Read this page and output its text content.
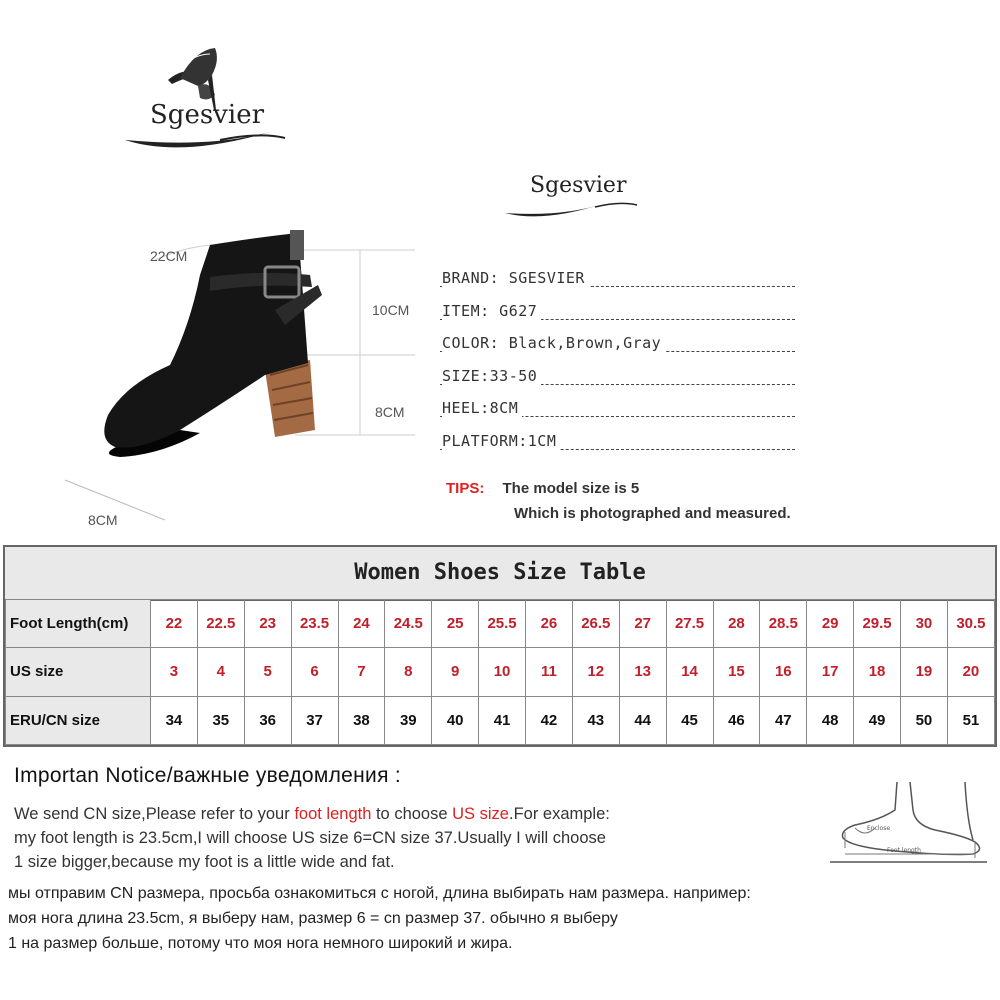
Sgesvier
Sgesvier
22CM
10CM
8CM
8CM
BRAND: SGESVIER
ITEM: G627
COLOR: Black,Brown,Gray
SIZE:33-50
HEEL:8CM
PLATFORM:1CM
TIPS: The model size is 5
Which is photographed and measured.
Women Shoes Size Table
Foot Length(cm)	22	22.5	23	23.5	24	24.5	25	25.5	26	26.5	27	27.5	28	28.5	29	29.5	30	30.5
US size	3	4	5	6	7	8	9	10	11	12	13	14	15	16	17	18	19	20
ERU/CN size	34	35	36	37	38	39	40	41	42	43	44	45	46	47	48	49	50	51
Importan Notice/важные уведомления :
We send CN size,Please refer to your foot length to choose US size.For example:
my foot length is 23.5cm,I will choose US size 6=CN size 37.Usually I will choose
1 size bigger,because my foot is a little wide and fat.
мы отправим CN размера, просьба ознакомиться с ногой, длина выбирать нам размера. например:
моя нога длина 23.5cm, я выберу нам, размер 6 = cn размер 37. обычно я выберу
1 на размер больше, потому что моя нога немного широкий и жира.
Enclose
Foot length
